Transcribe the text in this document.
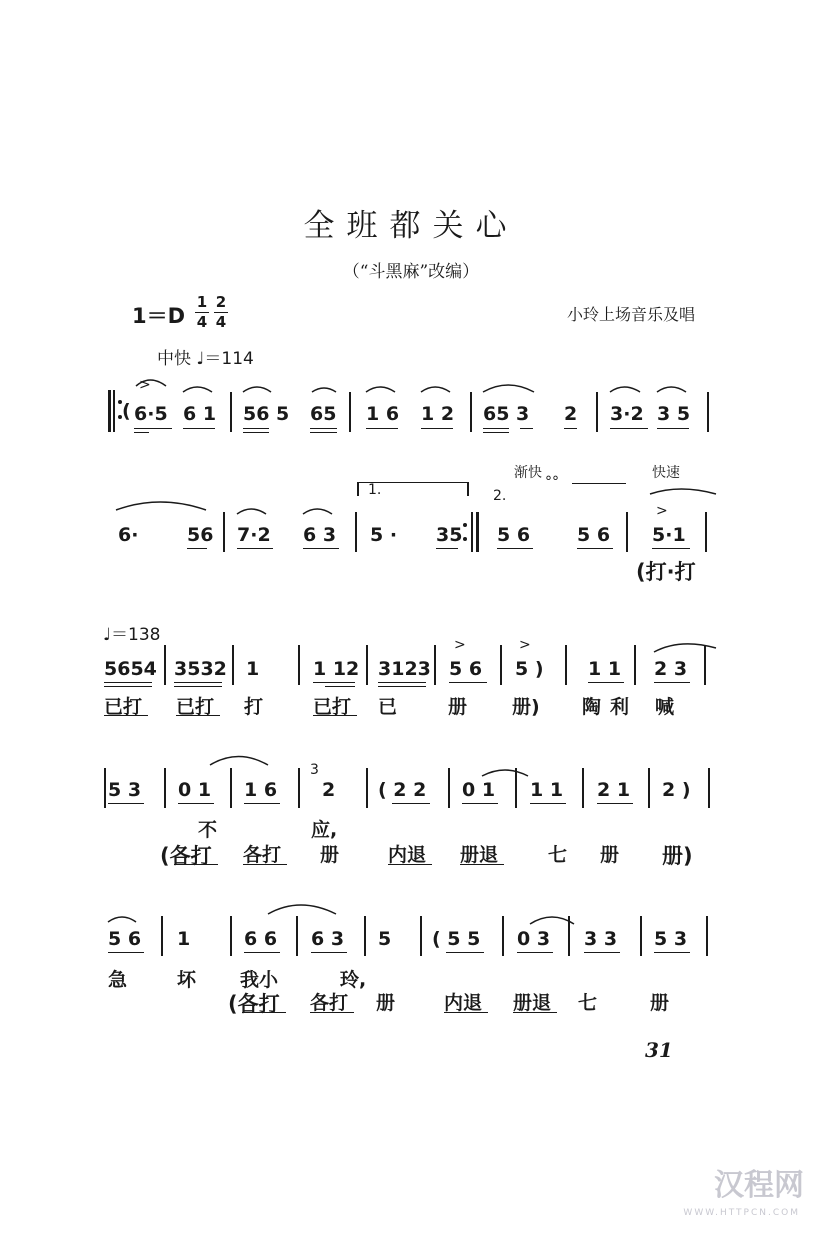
全班都关心
（“斗黑麻”改编）
1＝D
1
4
2
4	小玲上场音乐及唱
中快 ♩＝114
( 6·5 6 1 56 5 65 1 6 1 2 65 3 2 3·2 3 5
>
1.	2.
渐快
°°
快速
6·	56 7·2 6 3 5 · 35 5 6 5 6 5·1
>
(打·打
♩＝138
5654 3532 1	1 12 3123 5 6 5 ) 1 1 2 3
>	>
已打 已打 打	已打 已	册 册) 陶 利 喊
5 3 0 1 1 6
3
2 ( 2 2 0 1 1 1 2 1 2 )
不	应,
(各打 各打 册	内退 册退	七 册 册)
5 6 1	6 6 6 3 5 ( 5 5 0 3 3 3 5 3
急	坏 我小	玲,
(各打 各打 册	内退 册退 七	册
31
汉程网
WWW.HTTPCN.COM
